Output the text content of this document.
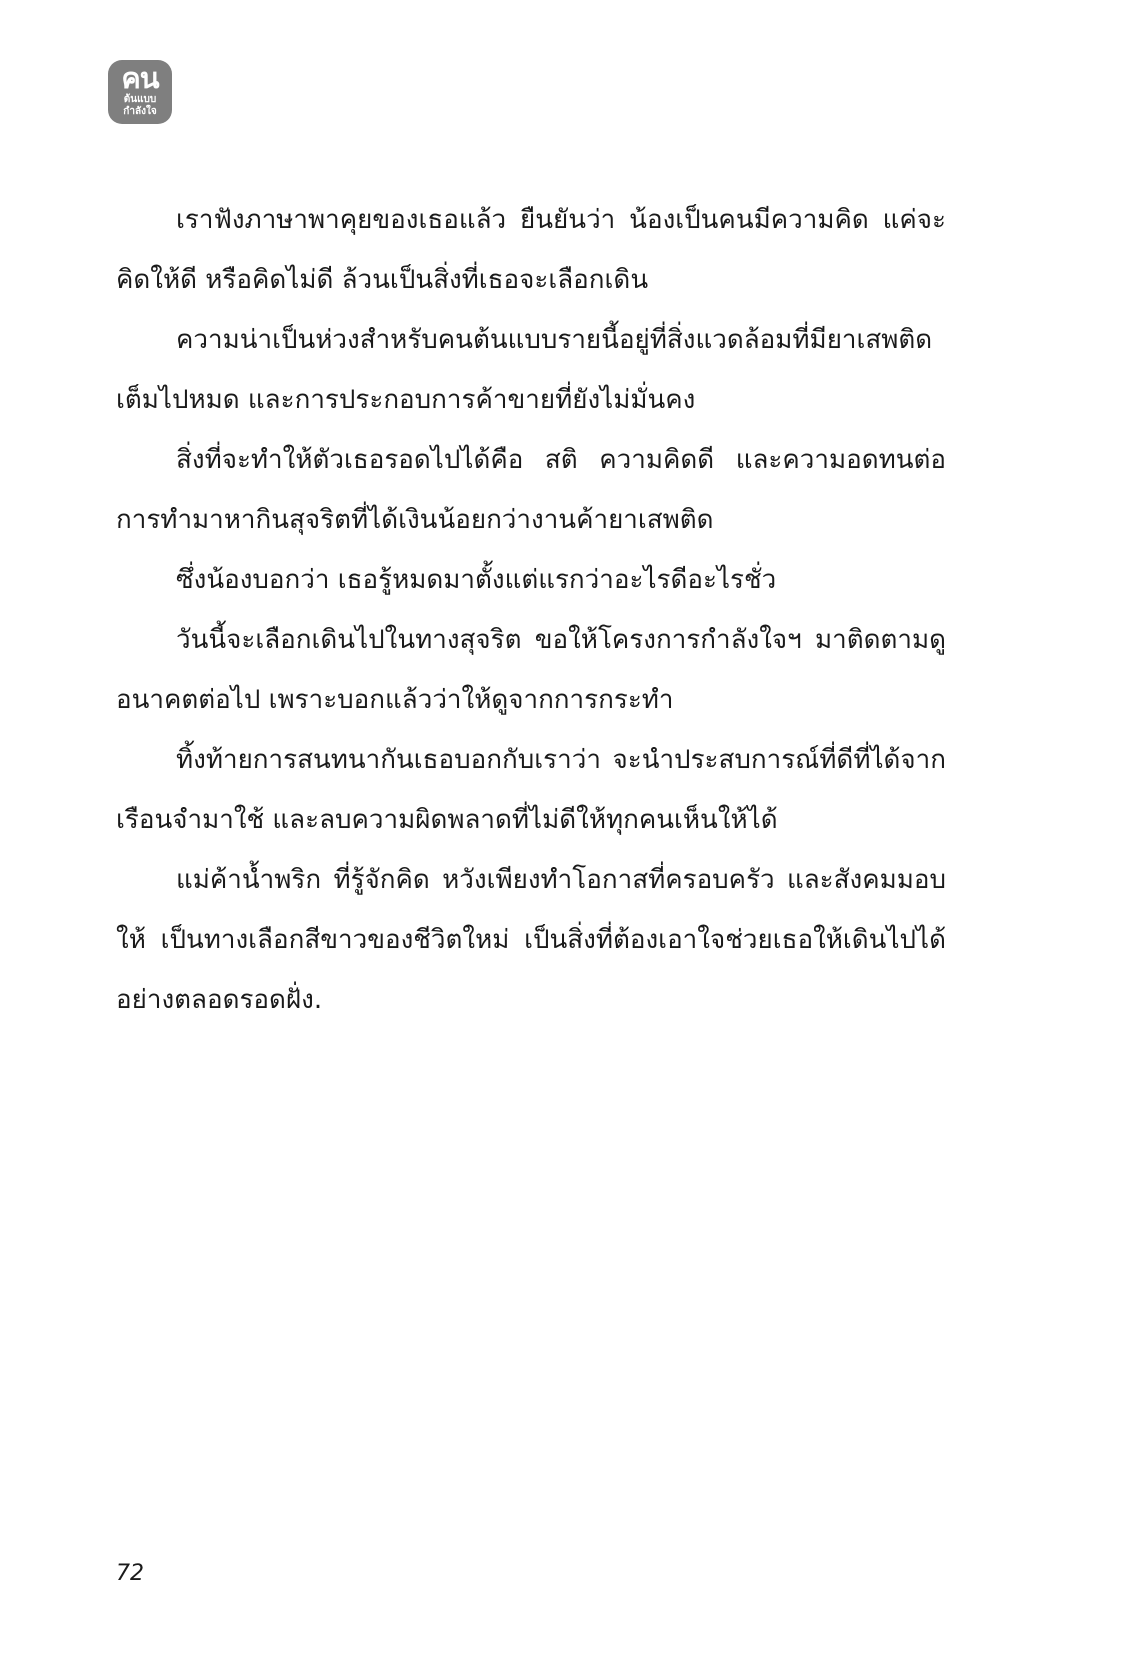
คน
ต้นแบบ
กำลังใจ

เราฟังภาษาพาคุยของเธอแล้ว ยืนยันว่า น้องเป็นคนมีความคิด แค่จะคิดให้ดี หรือคิดไม่ดี ล้วนเป็นสิ่งที่เธอจะเลือกเดิน

ความน่าเป็นห่วงสำหรับคนต้นแบบรายนี้อยู่ที่สิ่งแวดล้อมที่มียาเสพติดเต็มไปหมด และการประกอบการค้าขายที่ยังไม่มั่นคง

สิ่งที่จะทำให้ตัวเธอรอดไปได้คือ สติ ความคิดดี และความอดทนต่อการทำมาหากินสุจริตที่ได้เงินน้อยกว่างานค้ายาเสพติด

ซึ่งน้องบอกว่า เธอรู้หมดมาตั้งแต่แรกว่าอะไรดีอะไรชั่ว

วันนี้จะเลือกเดินไปในทางสุจริต ขอให้โครงการกำลังใจฯ มาติดตามดูอนาคตต่อไป เพราะบอกแล้วว่าให้ดูจากการกระทำ

ทิ้งท้ายการสนทนากันเธอบอกกับเราว่า จะนำประสบการณ์ที่ดีที่ได้จากเรือนจำมาใช้ และลบความผิดพลาดที่ไม่ดีให้ทุกคนเห็นให้ได้

แม่ค้าน้ำพริก ที่รู้จักคิด หวังเพียงทำโอกาสที่ครอบครัว และสังคมมอบให้ เป็นทางเลือกสีขาวของชีวิตใหม่ เป็นสิ่งที่ต้องเอาใจช่วยเธอให้เดินไปได้อย่างตลอดรอดฝั่ง.

72
